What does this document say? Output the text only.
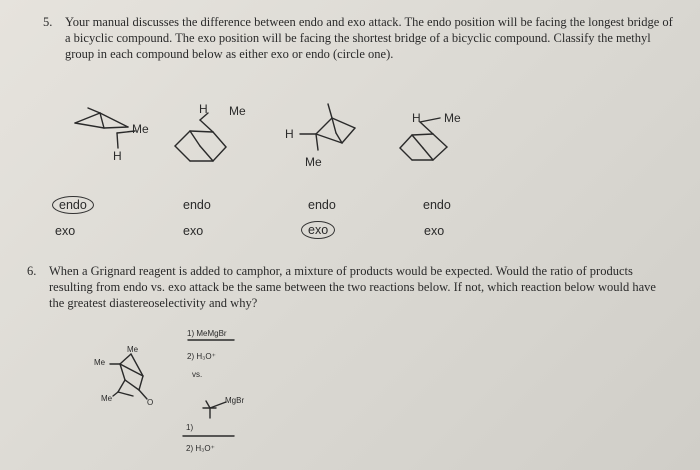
5. Your manual discusses the difference between endo and exo attack. The endo position will be facing the longest bridge of a bicyclic compound. The exo position will be facing the shortest bridge of a bicyclic compound. Classify the methyl group in each compound below as either exo or endo (circle one).
Me
H
H Me
H
Me
H Me
endo
exo
endo
exo
endo
exo
endo
exo
6. When a Grignard reagent is added to camphor, a mixture of products would be expected. Would the ratio of products resulting from endo vs. exo attack be the same between the two reactions below. If not, which reaction below would have the greatest diastereoselectivity and why?
Me
Me
Me	O
1) MeMgBr
2) H₃O⁺
vs.
MgBr
1)
2) H₃O⁺
